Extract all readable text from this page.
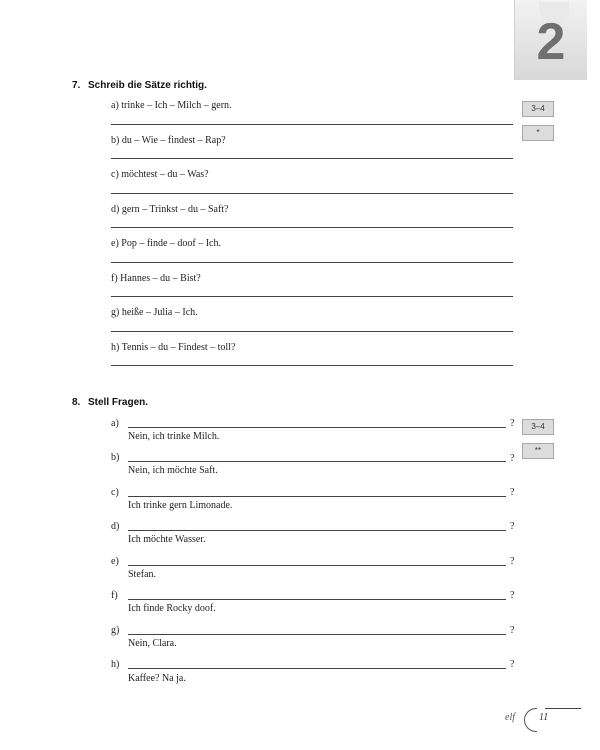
2
7. Schreib die Sätze richtig.
3–4
*
a) trinke – Ich – Milch – gern.
b) du – Wie – findest – Rap?
c) möchtest – du – Was?
d) gern – Trinkst – du – Saft?
e) Pop – finde – doof – Ich.
f) Hannes – du – Bist?
g) heiße – Julia – Ich.
h) Tennis – du – Findest – toll?
8. Stell Fragen.
3–4
**
a)	?
Nein, ich trinke Milch.
b)	?
Nein, ich möchte Saft.
c)	?
Ich trinke gern Limonade.
d)	?
Ich möchte Wasser.
e)	?
Stefan.
f)	?
Ich finde Rocky doof.
g)	?
Nein, Clara.
h)	?
Kaffee? Na ja.
elf 11
